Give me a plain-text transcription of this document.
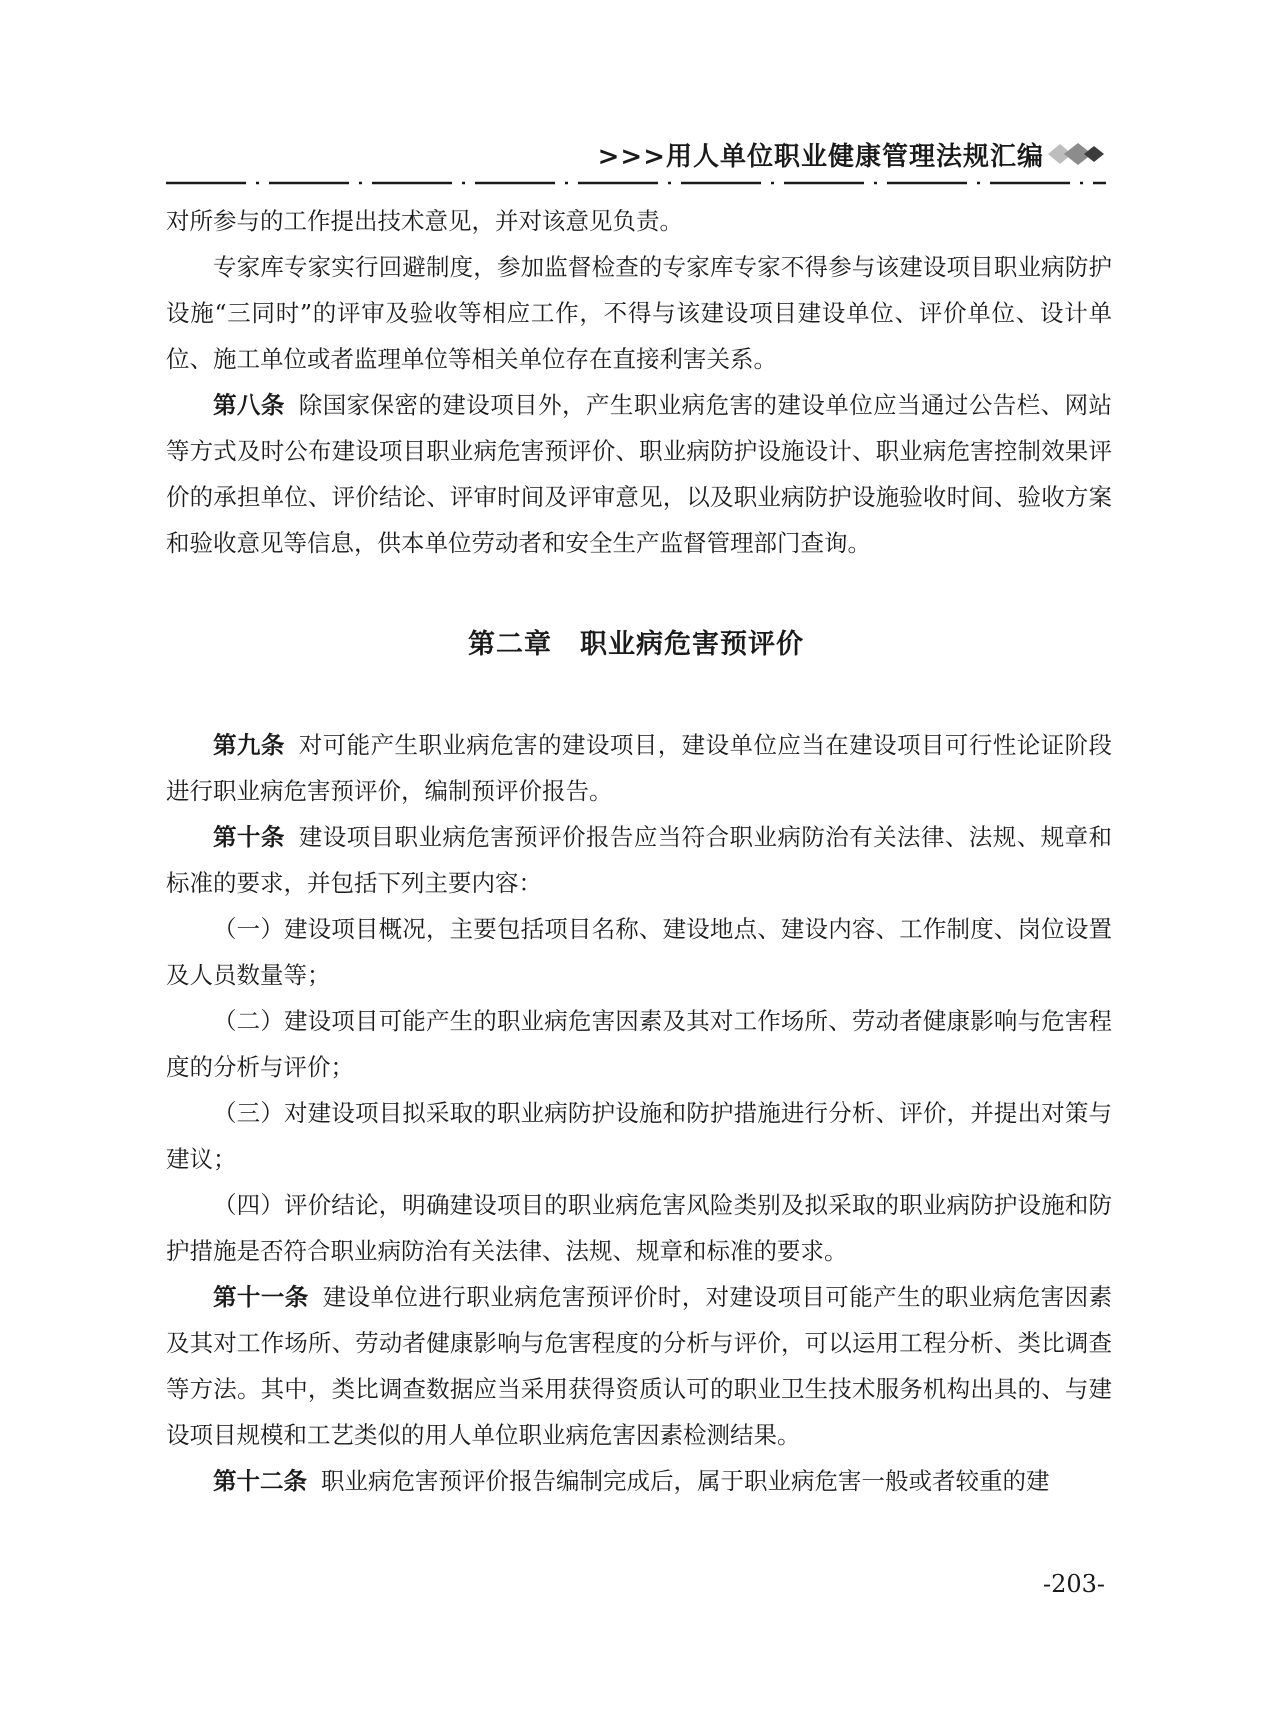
>>>用人单位职业健康管理法规汇编

对所参与的工作提出技术意见，并对该意见负责。

专家库专家实行回避制度，参加监督检查的专家库专家不得参与该建设项目职业病防护设施“三同时”的评审及验收等相应工作，不得与该建设项目建设单位、评价单位、设计单位、施工单位或者监理单位等相关单位存在直接利害关系。

第八条 除国家保密的建设项目外，产生职业病危害的建设单位应当通过公告栏、网站等方式及时公布建设项目职业病危害预评价、职业病防护设施设计、职业病危害控制效果评价的承担单位、评价结论、评审时间及评审意见，以及职业病防护设施验收时间、验收方案和验收意见等信息，供本单位劳动者和安全生产监督管理部门查询。

第二章　职业病危害预评价

第九条 对可能产生职业病危害的建设项目，建设单位应当在建设项目可行性论证阶段进行职业病危害预评价，编制预评价报告。

第十条 建设项目职业病危害预评价报告应当符合职业病防治有关法律、法规、规章和标准的要求，并包括下列主要内容：

（一）建设项目概况，主要包括项目名称、建设地点、建设内容、工作制度、岗位设置及人员数量等；

（二）建设项目可能产生的职业病危害因素及其对工作场所、劳动者健康影响与危害程度的分析与评价；

（三）对建设项目拟采取的职业病防护设施和防护措施进行分析、评价，并提出对策与建议；

（四）评价结论，明确建设项目的职业病危害风险类别及拟采取的职业病防护设施和防护措施是否符合职业病防治有关法律、法规、规章和标准的要求。

第十一条 建设单位进行职业病危害预评价时，对建设项目可能产生的职业病危害因素及其对工作场所、劳动者健康影响与危害程度的分析与评价，可以运用工程分析、类比调查等方法。其中，类比调查数据应当采用获得资质认可的职业卫生技术服务机构出具的、与建设项目规模和工艺类似的用人单位职业病危害因素检测结果。

第十二条 职业病危害预评价报告编制完成后，属于职业病危害一般或者较重的建

-203-
